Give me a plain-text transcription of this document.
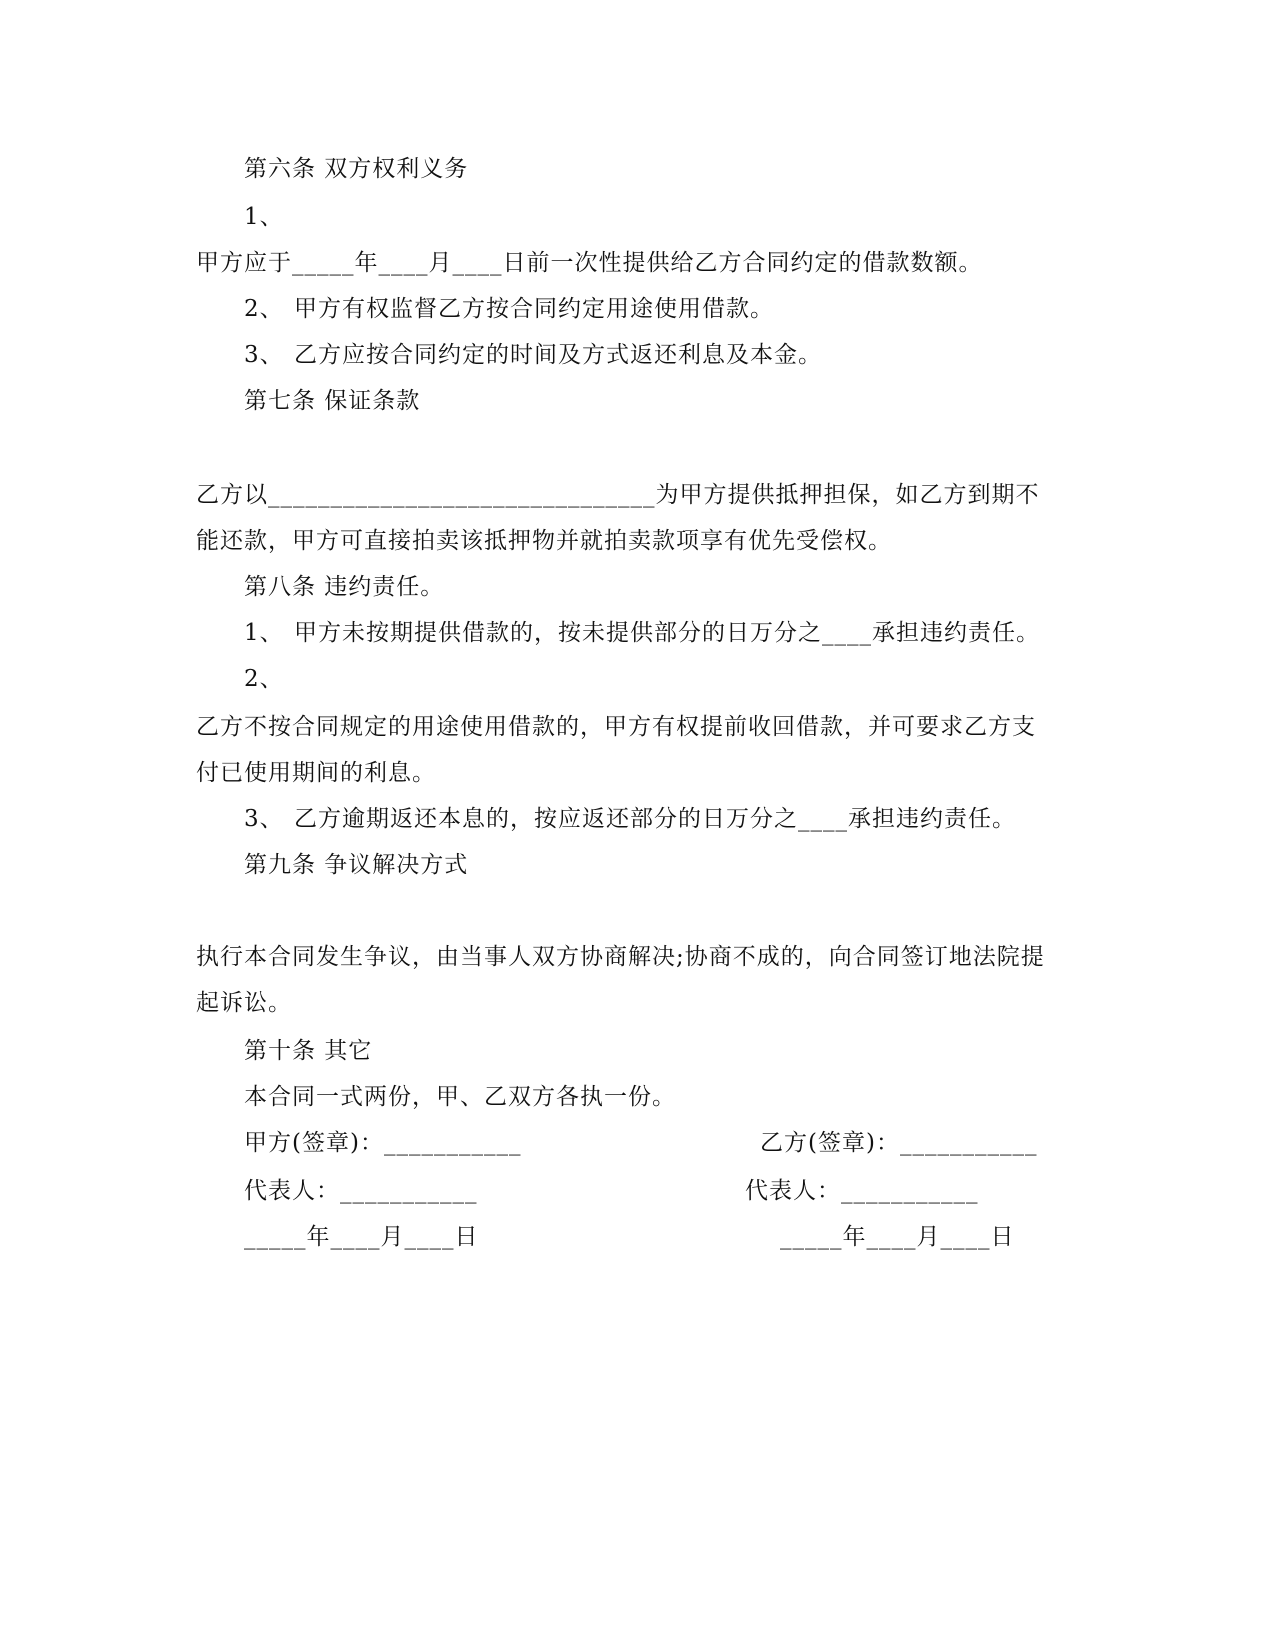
第六条 双方权利义务
1、
甲方应于_____年____月____日前一次性提供给乙方合同约定的借款数额。
2、 甲方有权监督乙方按合同约定用途使用借款。
3、 乙方应按合同约定的时间及方式返还利息及本金。
第七条 保证条款
乙方以_______________________________为甲方提供抵押担保，如乙方到期不
能还款，甲方可直接拍卖该抵押物并就拍卖款项享有优先受偿权。
第八条 违约责任。
1、 甲方未按期提供借款的，按未提供部分的日万分之____承担违约责任。
2、
乙方不按合同规定的用途使用借款的，甲方有权提前收回借款，并可要求乙方支
付已使用期间的利息。
3、 乙方逾期返还本息的，按应返还部分的日万分之____承担违约责任。
第九条 争议解决方式
执行本合同发生争议，由当事人双方协商解决;协商不成的，向合同签订地法院提
起诉讼。
第十条 其它
本合同一式两份，甲、乙双方各执一份。
甲方(签章)：___________	乙方(签章)：___________
代表人：___________	代表人：___________
_____年____月____日	_____年____月____日
